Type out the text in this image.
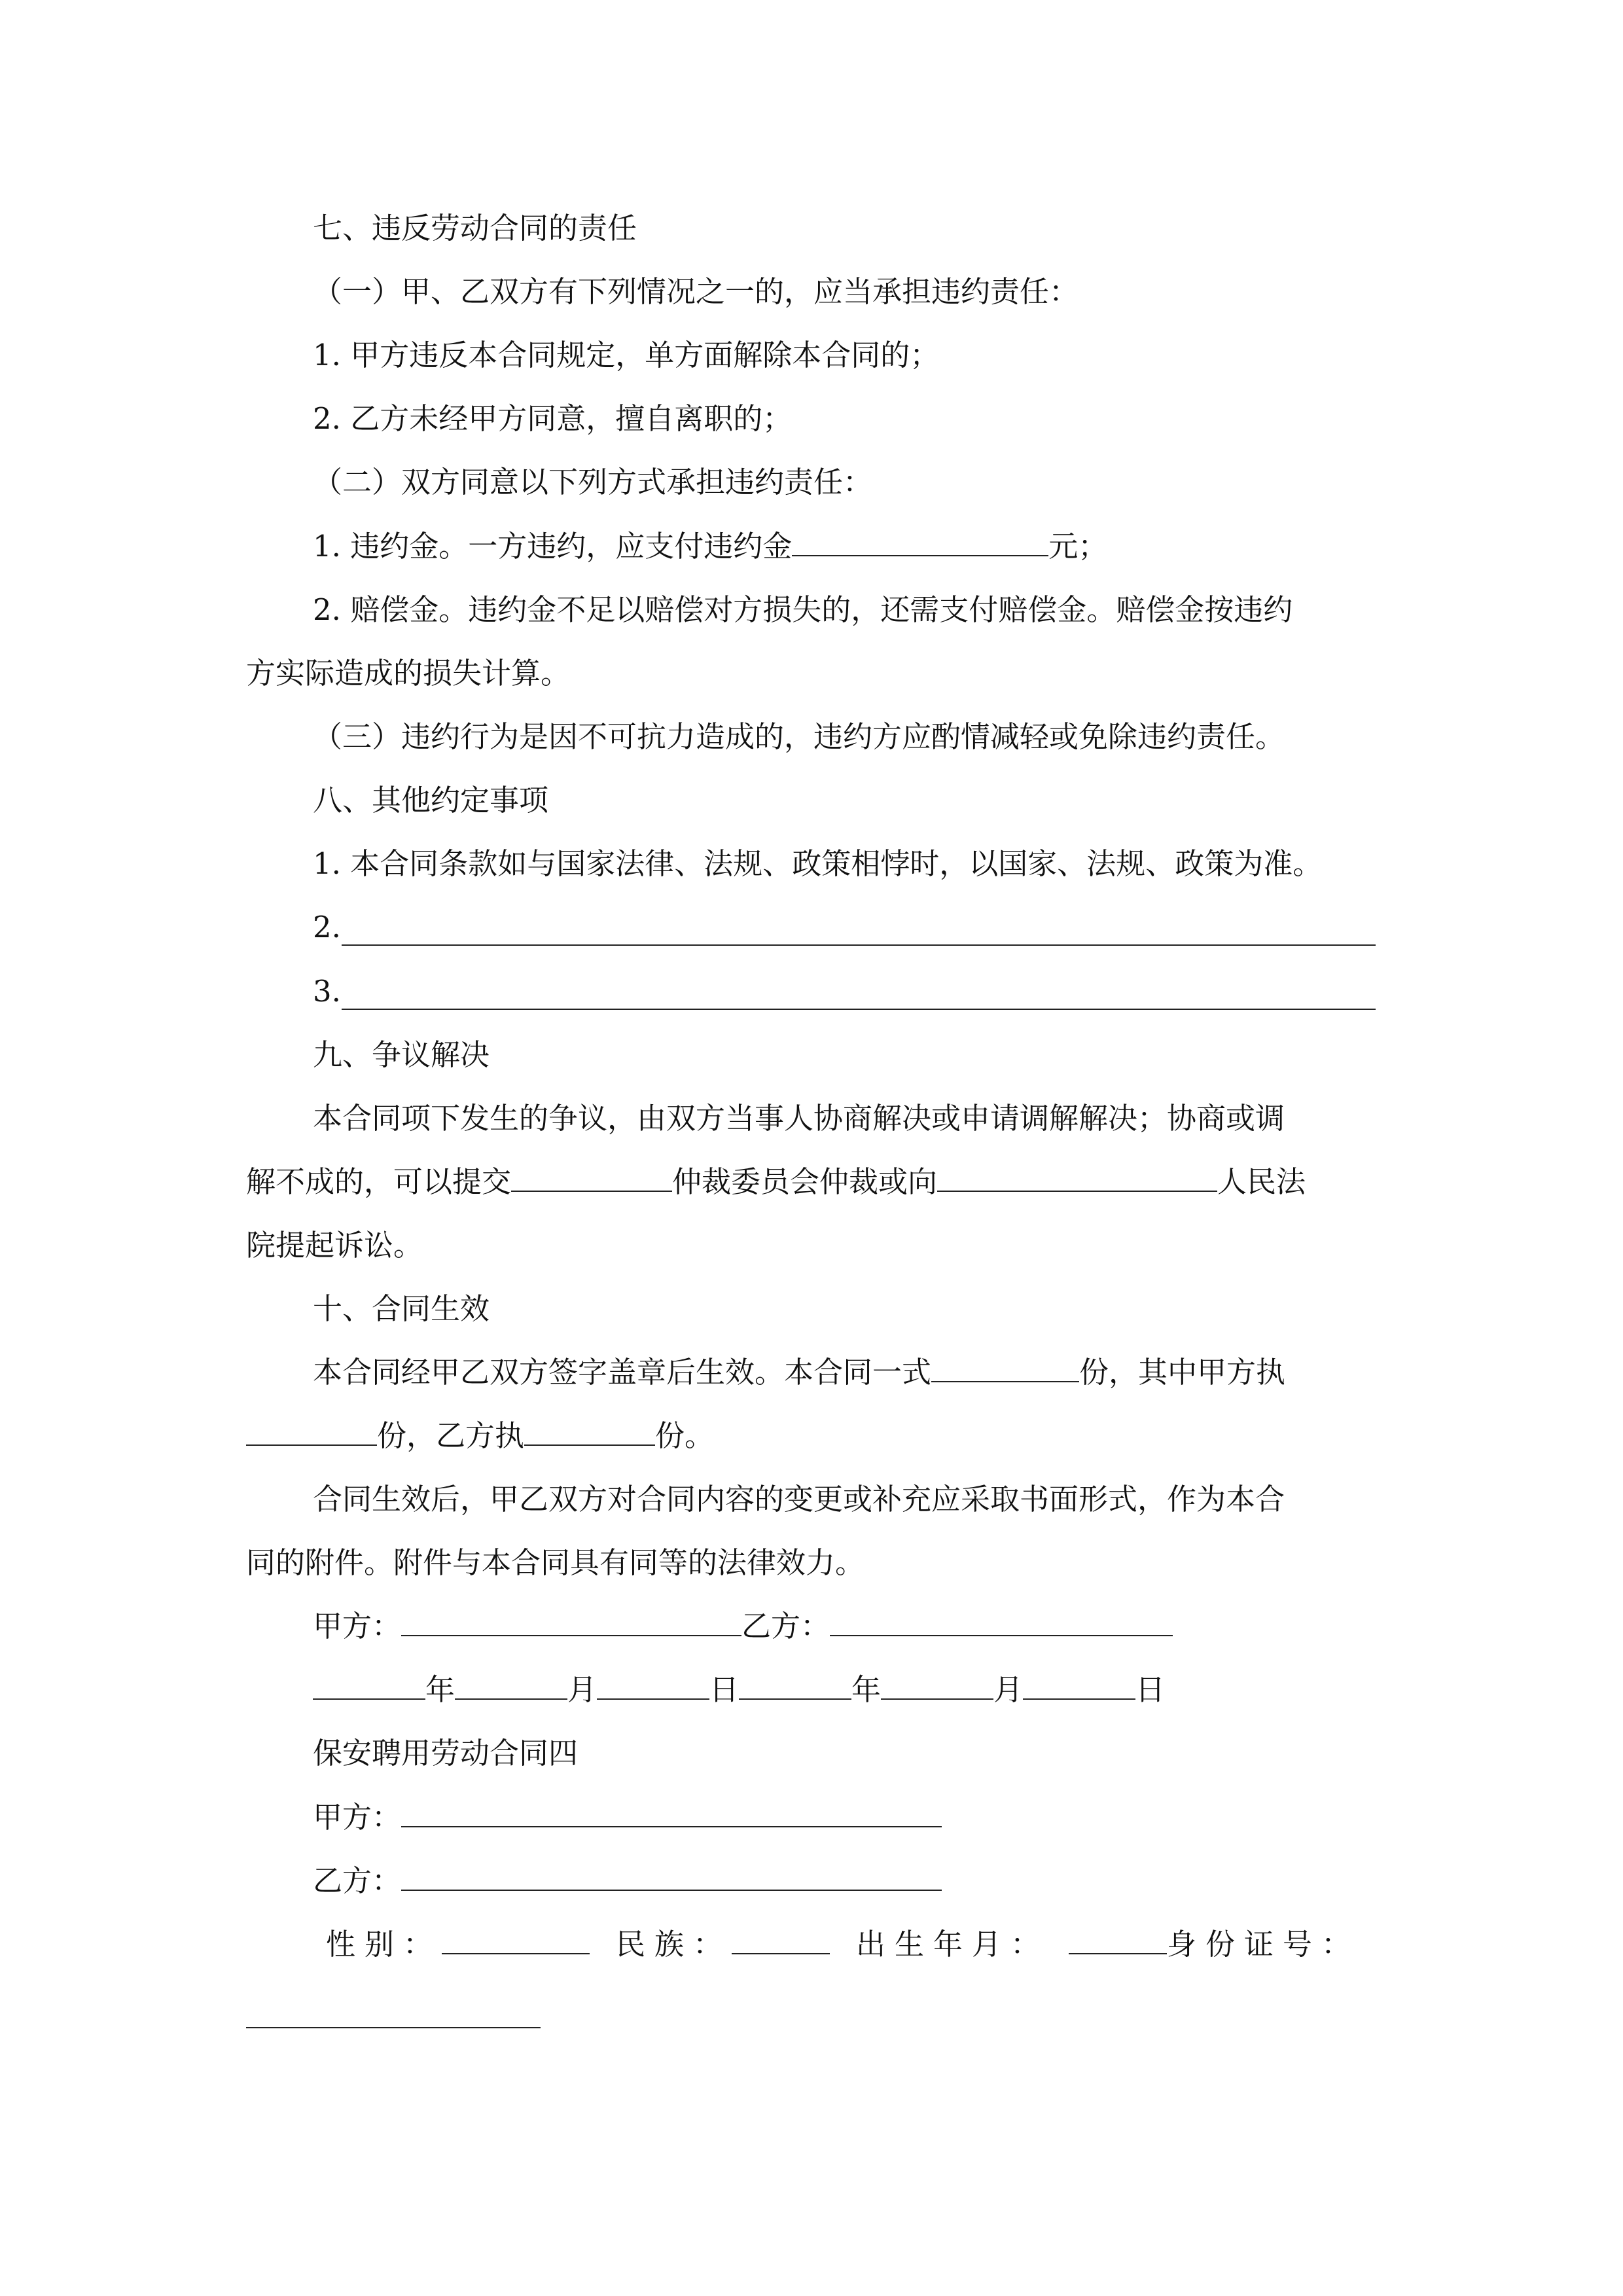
七、违反劳动合同的责任
（一）甲、乙双方有下列情况之一的，应当承担违约责任：
1. 甲方违反本合同规定，单方面解除本合同的；
2. 乙方未经甲方同意，擅自离职的；
（二）双方同意以下列方式承担违约责任：
1. 违约金。一方违约，应支付违约金	元；
2. 赔偿金。违约金不足以赔偿对方损失的，还需支付赔偿金。赔偿金按违约
方实际造成的损失计算。
（三）违约行为是因不可抗力造成的，违约方应酌情减轻或免除违约责任。
八、其他约定事项
1. 本合同条款如与国家法律、法规、政策相悖时，以国家、法规、政策为准。
2.
3.
九、争议解决
本合同项下发生的争议，由双方当事人协商解决或申请调解解决；协商或调
解不成的，可以提交	仲裁委员会仲裁或向	人民法
院提起诉讼。
十、合同生效
本合同经甲乙双方签字盖章后生效。本合同一式	份，其中甲方执
份，乙方执	份。
合同生效后，甲乙双方对合同内容的变更或补充应采取书面形式，作为本合
同的附件。附件与本合同具有同等的法律效力。
甲方：	乙方：
年	月	日	年	月	日
保安聘用劳动合同四
甲方：
乙方：
性别：	民族：	出生年月：	身份证号：
